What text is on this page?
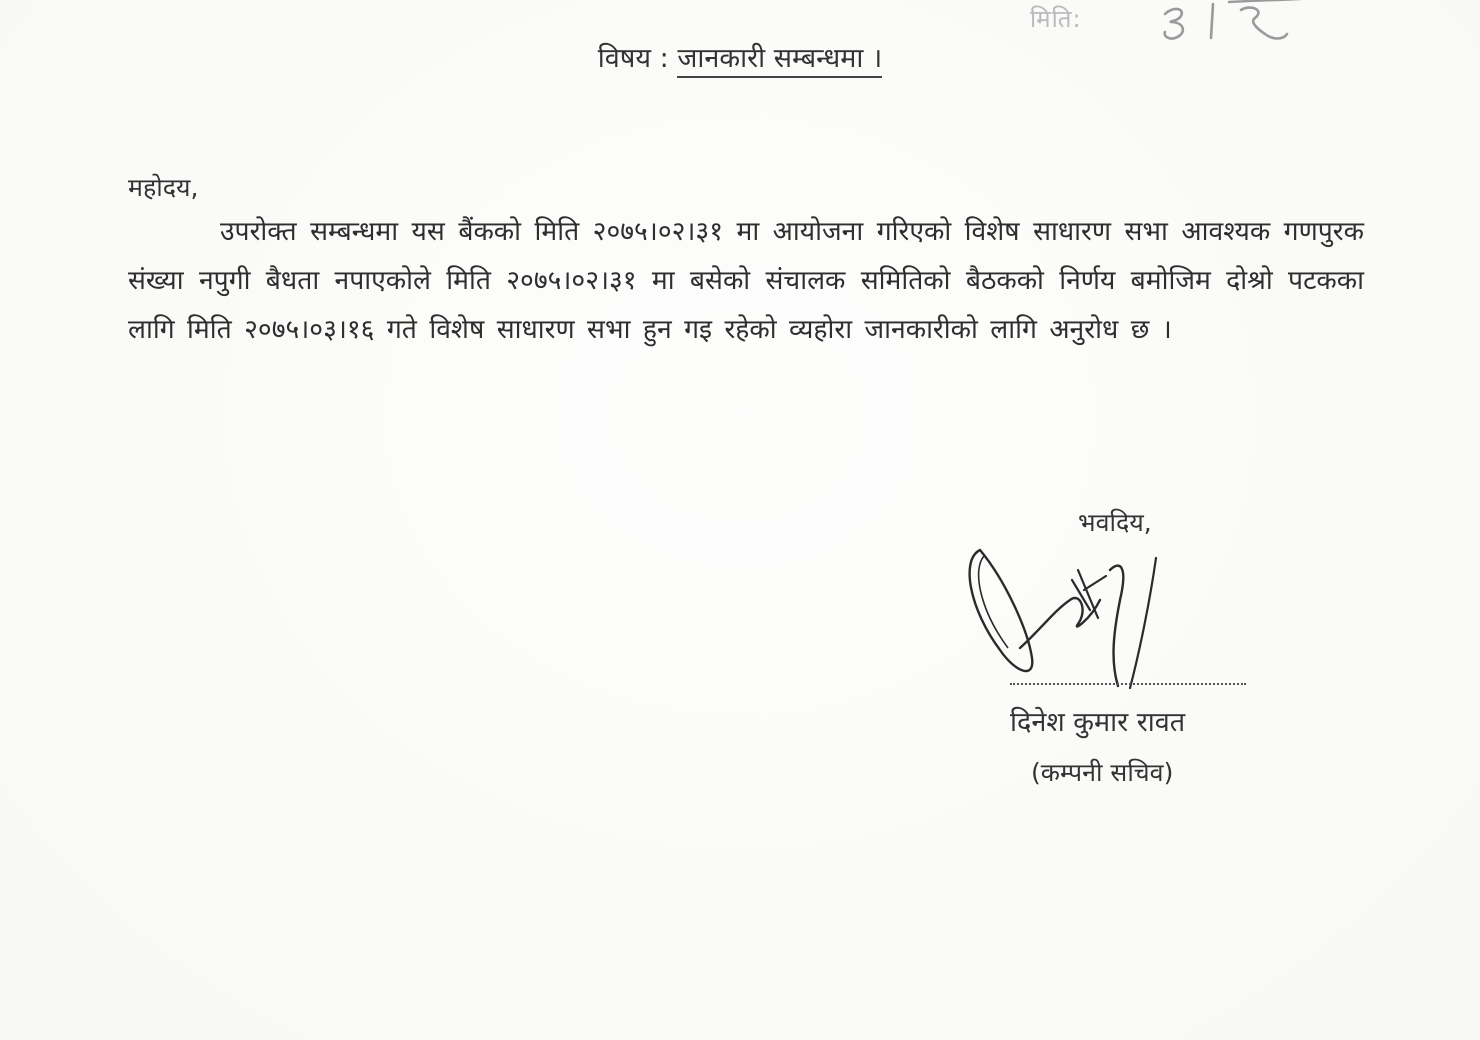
मिति:
विषय : जानकारी सम्बन्धमा ।
महोदय,
उपरोक्त सम्बन्धमा यस बैंकको मिति २०७५।०२।३१ मा आयोजना गरिएको विशेष साधारण सभा आवश्यक गणपुरक संख्या नपुगी बैधता नपाएकोले मिति २०७५।०२।३१ मा बसेको संचालक समितिको बैठकको निर्णय बमोजिम दोश्रो पटकका लागि मिति २०७५।०३।१६ गते विशेष साधारण सभा हुन गइ रहेको व्यहोरा जानकारीको लागि अनुरोध छ ।
भवदिय,
दिनेश कुमार रावत
(कम्पनी सचिव)
